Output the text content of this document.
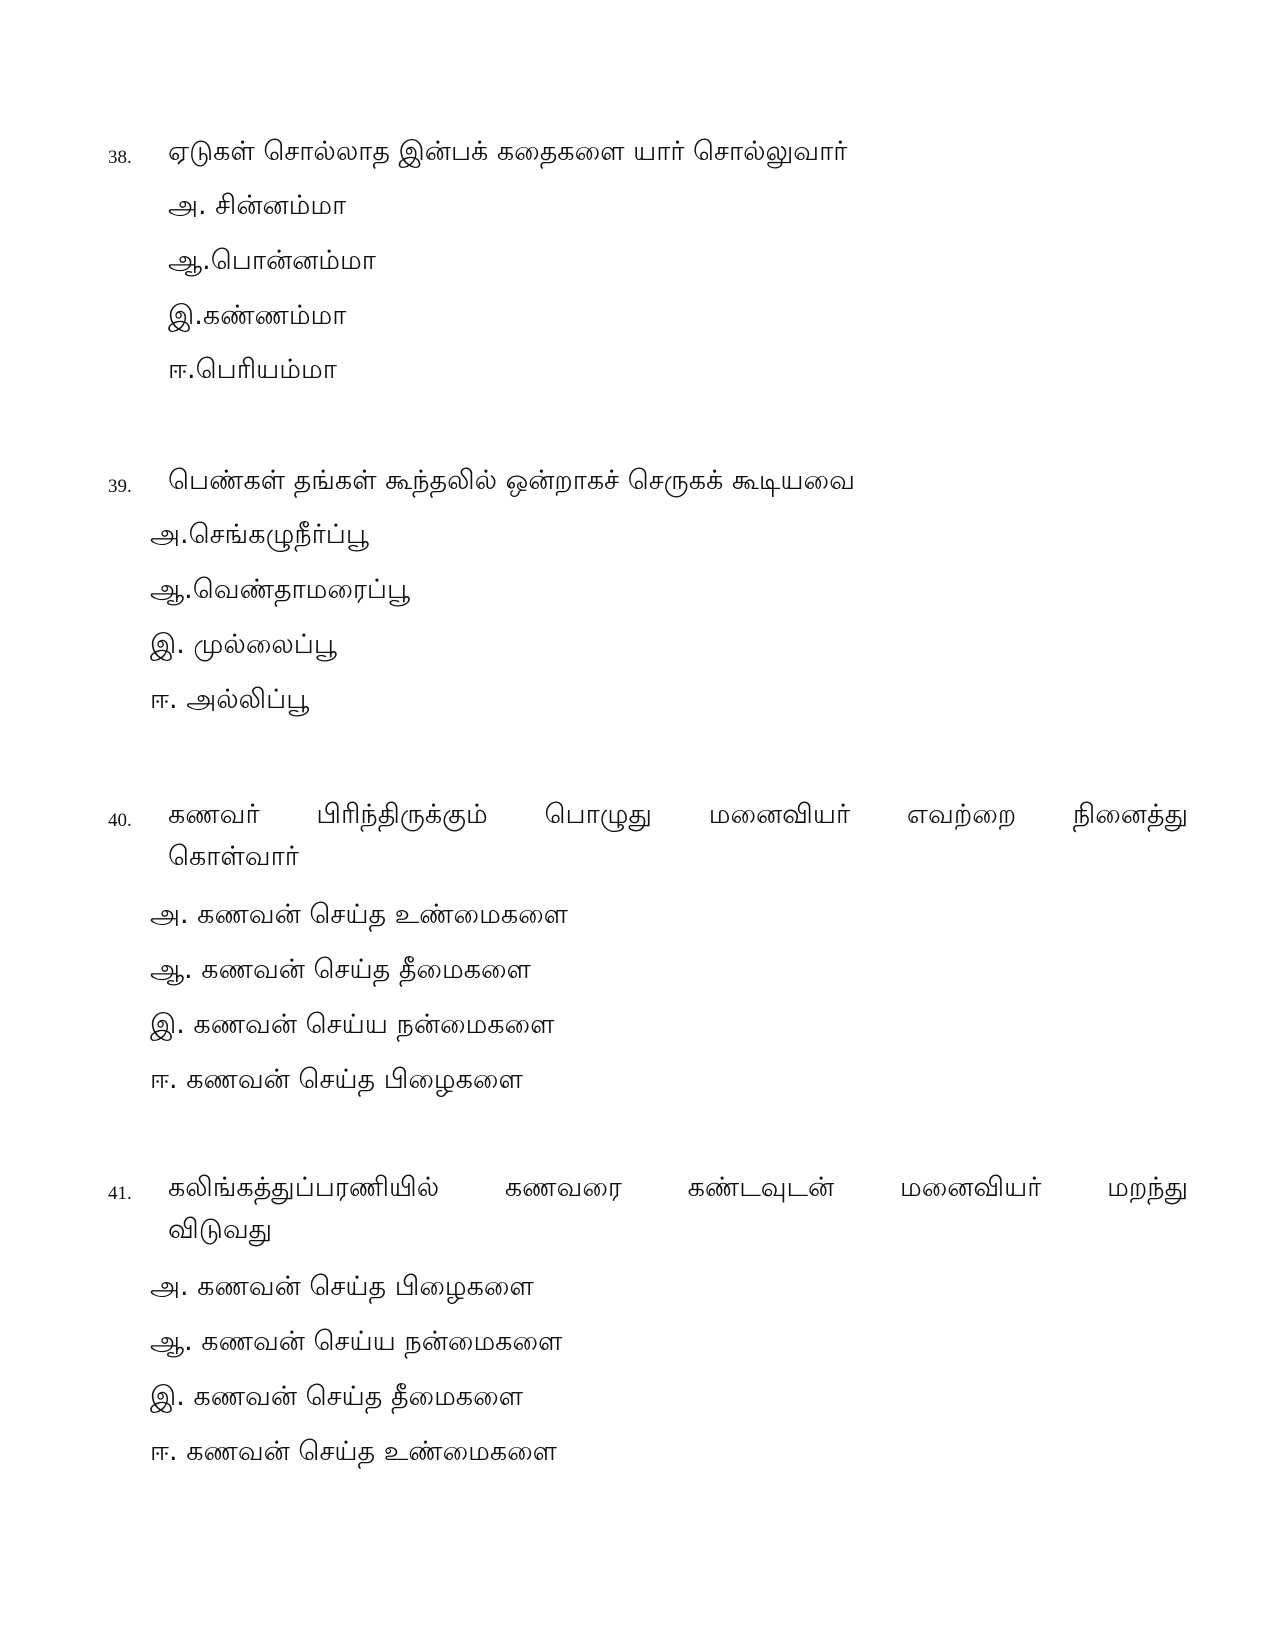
38. ஏடுகள் சொல்லாத இன்பக் கதைகளை யார் சொல்லுவார்
அ. சின்னம்மா
ஆ.பொன்னம்மா
இ.கண்ணம்மா
ஈ.பெரியம்மா
39. பெண்கள் தங்கள் கூந்தலில் ஒன்றாகச் செருகக் கூடியவை
அ.செங்கழுநீர்ப்பூ
ஆ.வெண்தாமரைப்பூ
இ. முல்லைப்பூ
ஈ. அல்லிப்பூ
40. கணவர் பிரிந்திருக்கும் பொழுது மனைவியர் எவற்றை நினைத்து
கொள்வார்
அ. கணவன் செய்த உண்மைகளை
ஆ. கணவன் செய்த தீமைகளை
இ. கணவன் செய்ய நன்மைகளை
ஈ. கணவன் செய்த பிழைகளை
41. கலிங்கத்துப்பரணியில் கணவரை கண்டவுடன் மனைவியர் மறந்து
விடுவது
அ. கணவன் செய்த பிழைகளை
ஆ. கணவன் செய்ய நன்மைகளை
இ. கணவன் செய்த தீமைகளை
ஈ. கணவன் செய்த உண்மைகளை
